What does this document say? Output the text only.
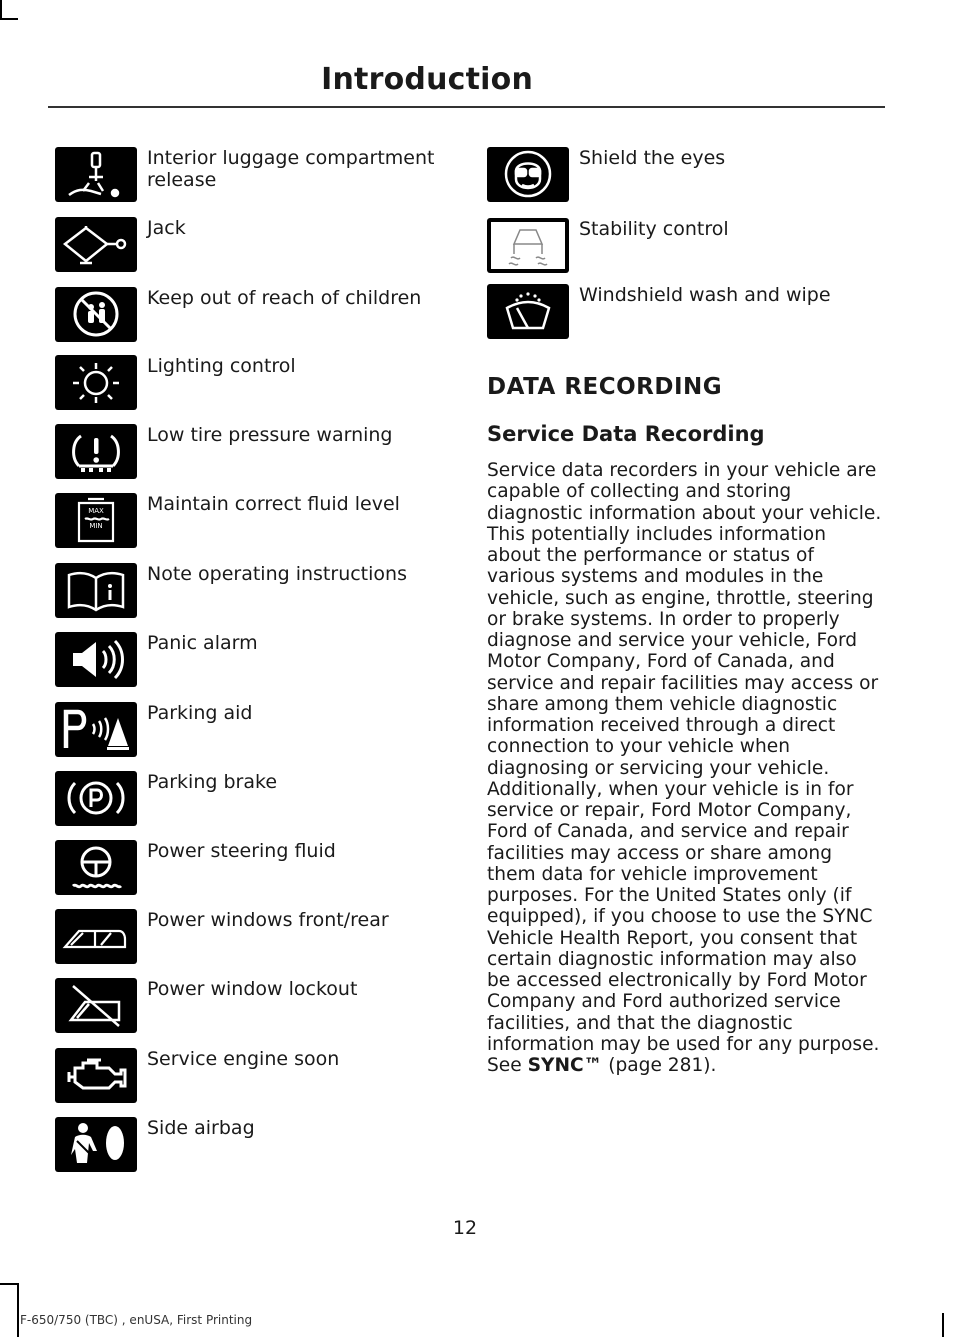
Introduction
Interior luggage compartment release
Jack
Keep out of reach of children
Lighting control
Low tire pressure warning
MAX
MIN
Maintain correct fluid level
Note operating instructions
Panic alarm
Parking aid
Parking brake
Power steering fluid
Power windows front/rear
Power window lockout
Service engine soon
Side airbag
Shield the eyes
Stability control
Windshield wash and wipe
DATA RECORDING
Service Data Recording
Service data recorders in your vehicle are capable of collecting and storing diagnostic information about your vehicle. This potentially includes information about the performance or status of various systems and modules in the vehicle, such as engine, throttle, steering or brake systems. In order to properly diagnose and service your vehicle, Ford Motor Company, Ford of Canada, and service and repair facilities may access or share among them vehicle diagnostic information received through a direct connection to your vehicle when diagnosing or servicing your vehicle. Additionally, when your vehicle is in for service or repair, Ford Motor Company, Ford of Canada, and service and repair facilities may access or share among them data for vehicle improvement purposes. For the United States only (if equipped), if you choose to use the SYNC Vehicle Health Report, you consent that certain diagnostic information may also be accessed electronically by Ford Motor Company and Ford authorized service facilities, and that the diagnostic information may be used for any purpose. See SYNC™ (page 281).
12
F-650/750 (TBC) , enUSA, First Printing
